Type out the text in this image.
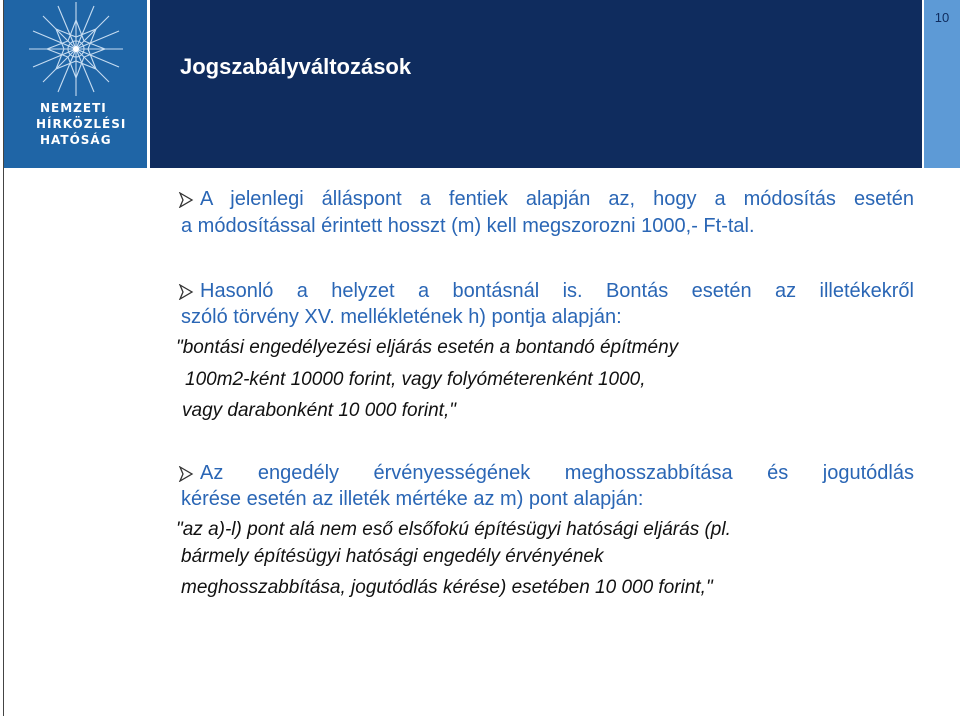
NEMZETI
HÍRKÖZLÉSI
HATÓSÁG
Jogszabályváltozások
10
A jelenlegi álláspont a fentiek alapján az, hogy a módosítás esetén
a módosítással érintett hosszt (m) kell megszorozni 1000,- Ft-tal.
Hasonló a helyzet a bontásnál is. Bontás esetén az illetékekről
szóló törvény XV. mellékletének h) pontja alapján:
"bontási engedélyezési eljárás esetén a bontandó építmény
100m2-ként 10000 forint, vagy folyóméterenként 1000,
vagy darabonként 10 000 forint,"
Az engedély érvényességének meghosszabbítása és jogutódlás
kérése esetén az illeték mértéke az m) pont alapján:
"az a)-l) pont alá nem eső elsőfokú építésügyi hatósági eljárás (pl.
bármely építésügyi hatósági engedély érvényének
meghosszabbítása, jogutódlás kérése) esetében 10 000 forint,"
